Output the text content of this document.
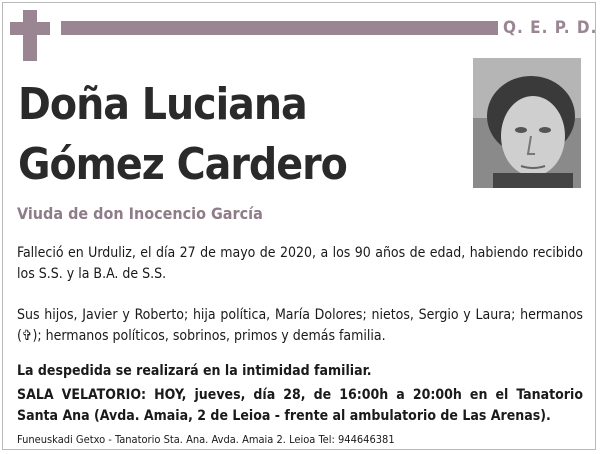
Q. E. P. D.
Doña Luciana
Gómez Cardero
Viuda de don Inocencio García
Falleció en Urduliz, el día 27 de mayo de 2020, a los 90 años de edad, habiendo recibido los S.S. y la B.A. de S.S.
Sus hijos, Javier y Roberto; hija política, María Dolores; nietos, Sergio y Laura; hermanos (✞); hermanos políticos, sobrinos, primos y demás familia.
La despedida se realizará en la intimidad familiar.
SALA VELATORIO: HOY, jueves, día 28, de 16:00h a 20:00h en el Tanatorio Santa Ana (Avda. Amaia, 2 de Leioa - frente al ambulatorio de Las Arenas).
Funeuskadi Getxo - Tanatorio Sta. Ana. Avda. Amaia 2. Leioa Tel: 944646381
